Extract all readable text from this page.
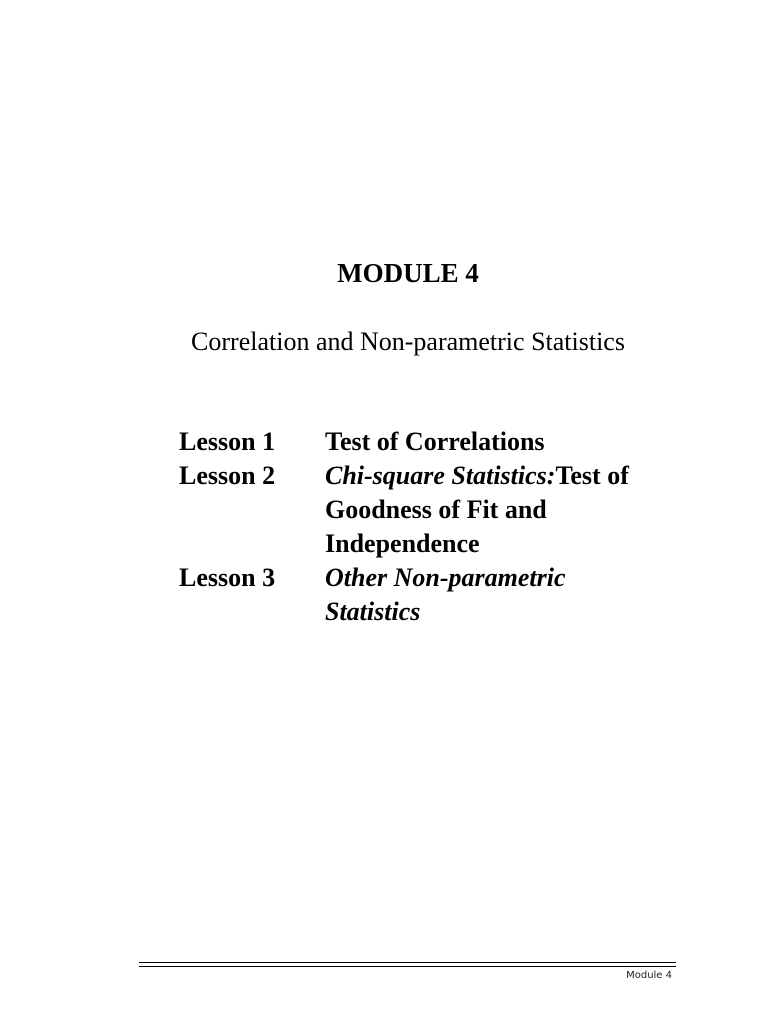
MODULE 4
Correlation and Non-parametric Statistics
Lesson 1	Test of Correlations
Lesson 2	Chi-square Statistics:Test of Goodness of Fit and Independence
Lesson 3	Other Non-parametric Statistics
Module 4
